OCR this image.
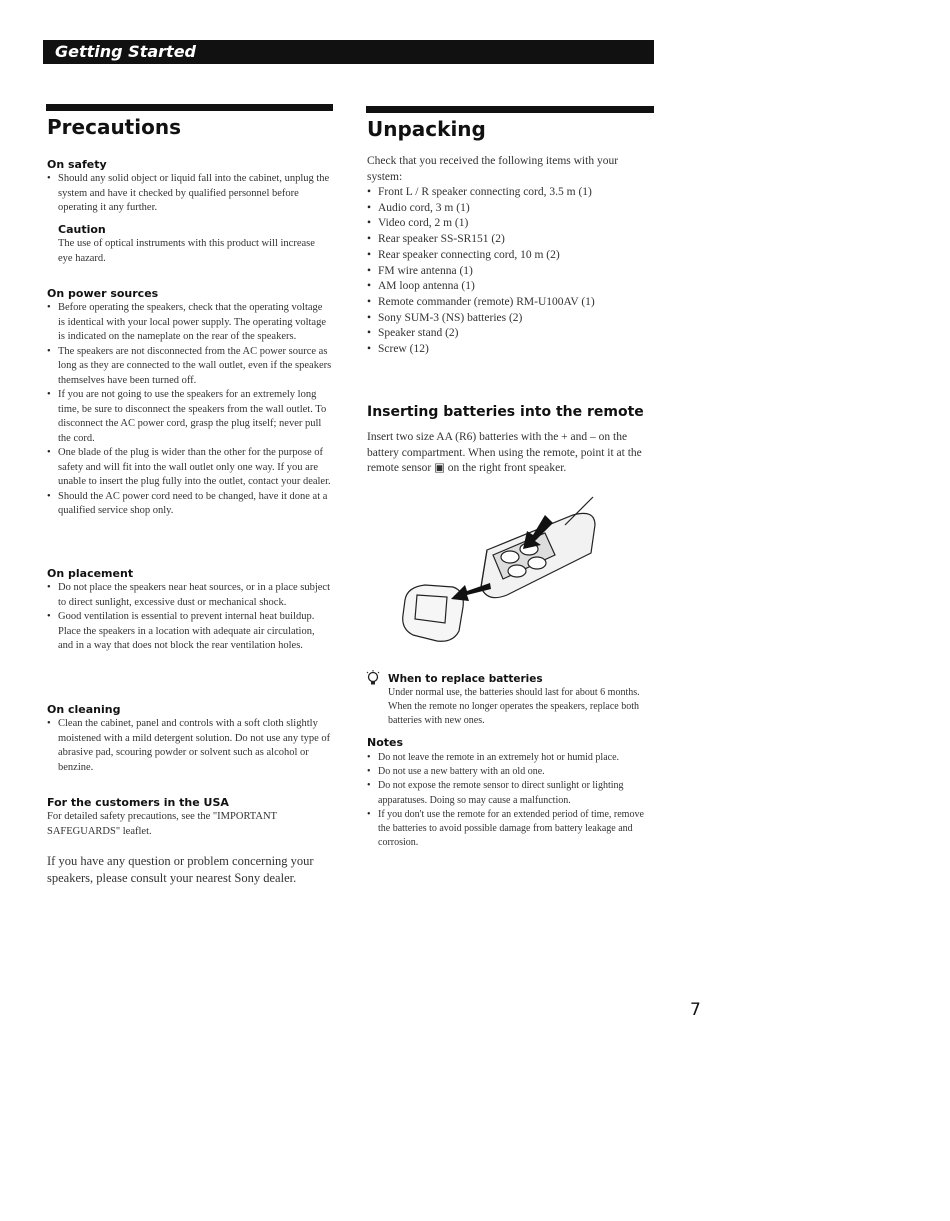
Getting Started
Precautions
On safety
• Should any solid object or liquid fall into the cabinet, unplug the system and have it checked by qualified personnel before operating it any further.
Caution

The use of optical instruments with this product will increase eye hazard.

On power sources
• Before operating the speakers, check that the operating voltage is identical with your local power supply. The operating voltage is indicated on the nameplate on the rear of the speakers.
• The speakers are not disconnected from the AC power source as long as they are connected to the wall outlet, even if the speakers themselves have been turned off.
• If you are not going to use the speakers for an extremely long time, be sure to disconnect the speakers from the wall outlet. To disconnect the AC power cord, grasp the plug itself; never pull the cord.
• One blade of the plug is wider than the other for the purpose of safety and will fit into the wall outlet only one way. If you are unable to insert the plug fully into the outlet, contact your dealer.
• Should the AC power cord need to be changed, have it done at a qualified service shop only.
On placement
• Do not place the speakers near heat sources, or in a place subject to direct sunlight, excessive dust or mechanical shock.
• Good ventilation is essential to prevent internal heat buildup. Place the speakers in a location with adequate air circulation, and in a way that does not block the rear ventilation holes.
On cleaning
• Clean the cabinet, panel and controls with a soft cloth slightly moistened with a mild detergent solution. Do not use any type of abrasive pad, scouring powder or solvent such as alcohol or benzine.
For the customers in the USA

For detailed safety precautions, see the "IMPORTANT SAFEGUARDS" leaflet.

If you have any question or problem concerning your speakers, please consult your nearest Sony dealer.

Unpacking

Check that you received the following items with your system:

• Front L / R speaker connecting cord, 3.5 m (1)
• Audio cord, 3 m (1)
• Video cord, 2 m (1)
• Rear speaker SS-SR151 (2)
• Rear speaker connecting cord, 10 m (2)
• FM wire antenna (1)
• AM loop antenna (1)
• Remote commander (remote) RM-U100AV (1)
• Sony SUM-3 (NS) batteries (2)
• Speaker stand (2)
• Screw (12)
Inserting batteries into the remote

Insert two size AA (R6) batteries with the + and – on the battery compartment. When using the remote, point it at the remote sensor ▣ on the right front speaker.

When to replace batteries

Under normal use, the batteries should last for about 6 months. When the remote no longer operates the speakers, replace both batteries with new ones.

Notes
• Do not leave the remote in an extremely hot or humid place.
• Do not use a new battery with an old one.
• Do not expose the remote sensor to direct sunlight or lighting apparatuses. Doing so may cause a malfunction.
• If you don't use the remote for an extended period of time, remove the batteries to avoid possible damage from battery leakage and corrosion.
7
